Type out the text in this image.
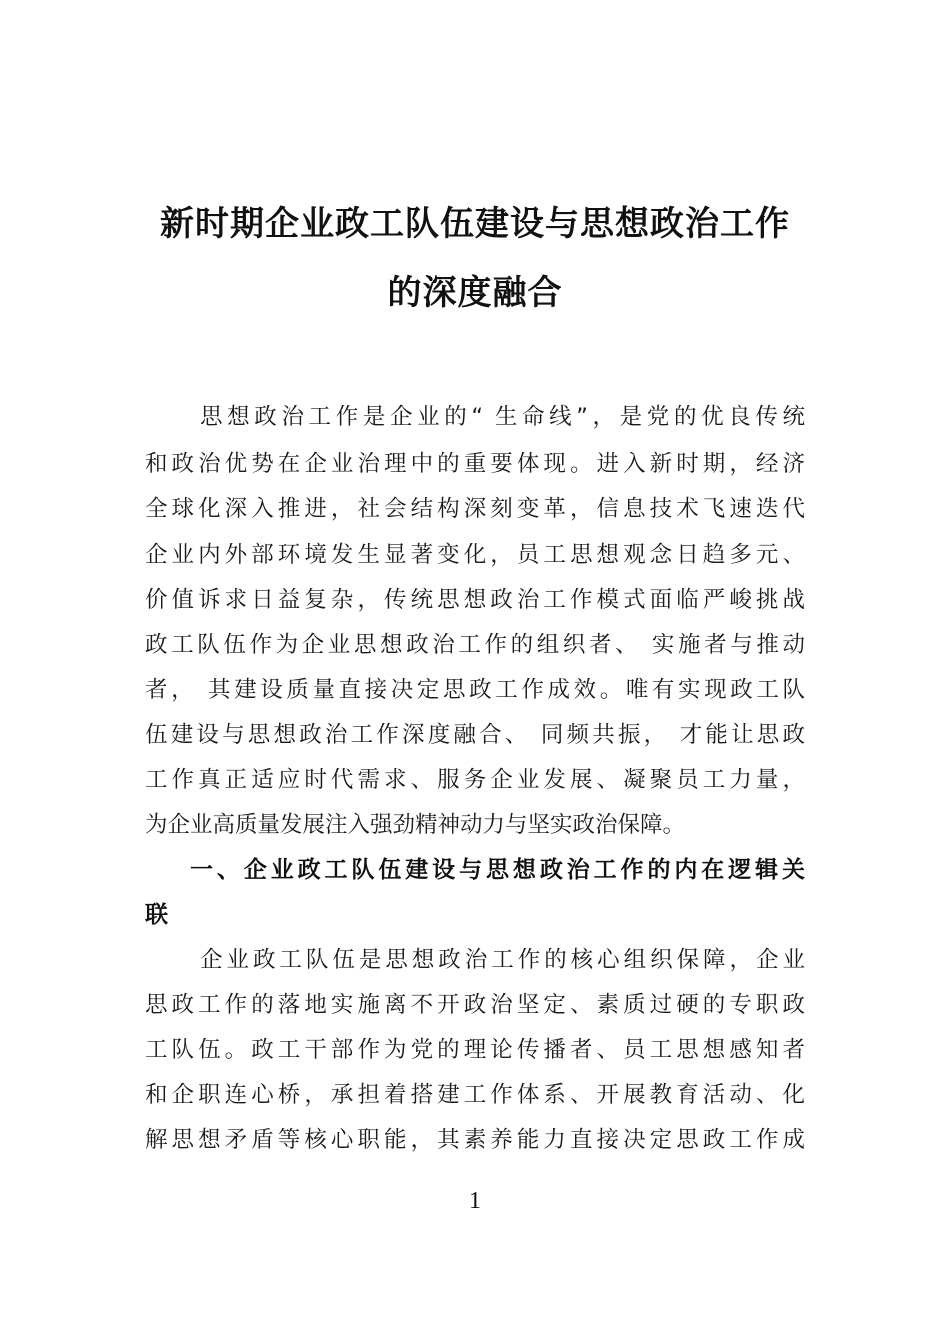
新时期企业政工队伍建设与思想政治工作
的深度融合
思想政治工作是企业的“ 生命线”，是党的优良传统
和政治优势在企业治理中的重要体现。进入新时期，经济
全球化深入推进，社会结构深刻变革，信息技术飞速迭代
企业内外部环境发生显著变化，员工思想观念日趋多元、
价值诉求日益复杂，传统思想政治工作模式面临严峻挑战
政工队伍作为企业思想政治工作的组织者、 实施者与推动
者， 其建设质量直接决定思政工作成效。唯有实现政工队
伍建设与思想政治工作深度融合、 同频共振， 才能让思政
工作真正适应时代需求、服务企业发展、凝聚员工力量，
为企业高质量发展注入强劲精神动力与坚实政治保障。
一、企业政工队伍建设与思想政治工作的内在逻辑关
联
企业政工队伍是思想政治工作的核心组织保障，企业
思政工作的落地实施离不开政治坚定、素质过硬的专职政
工队伍。政工干部作为党的理论传播者、员工思想感知者
和企职连心桥，承担着搭建工作体系、开展教育活动、化
解思想矛盾等核心职能，其素养能力直接决定思政工作成
1
